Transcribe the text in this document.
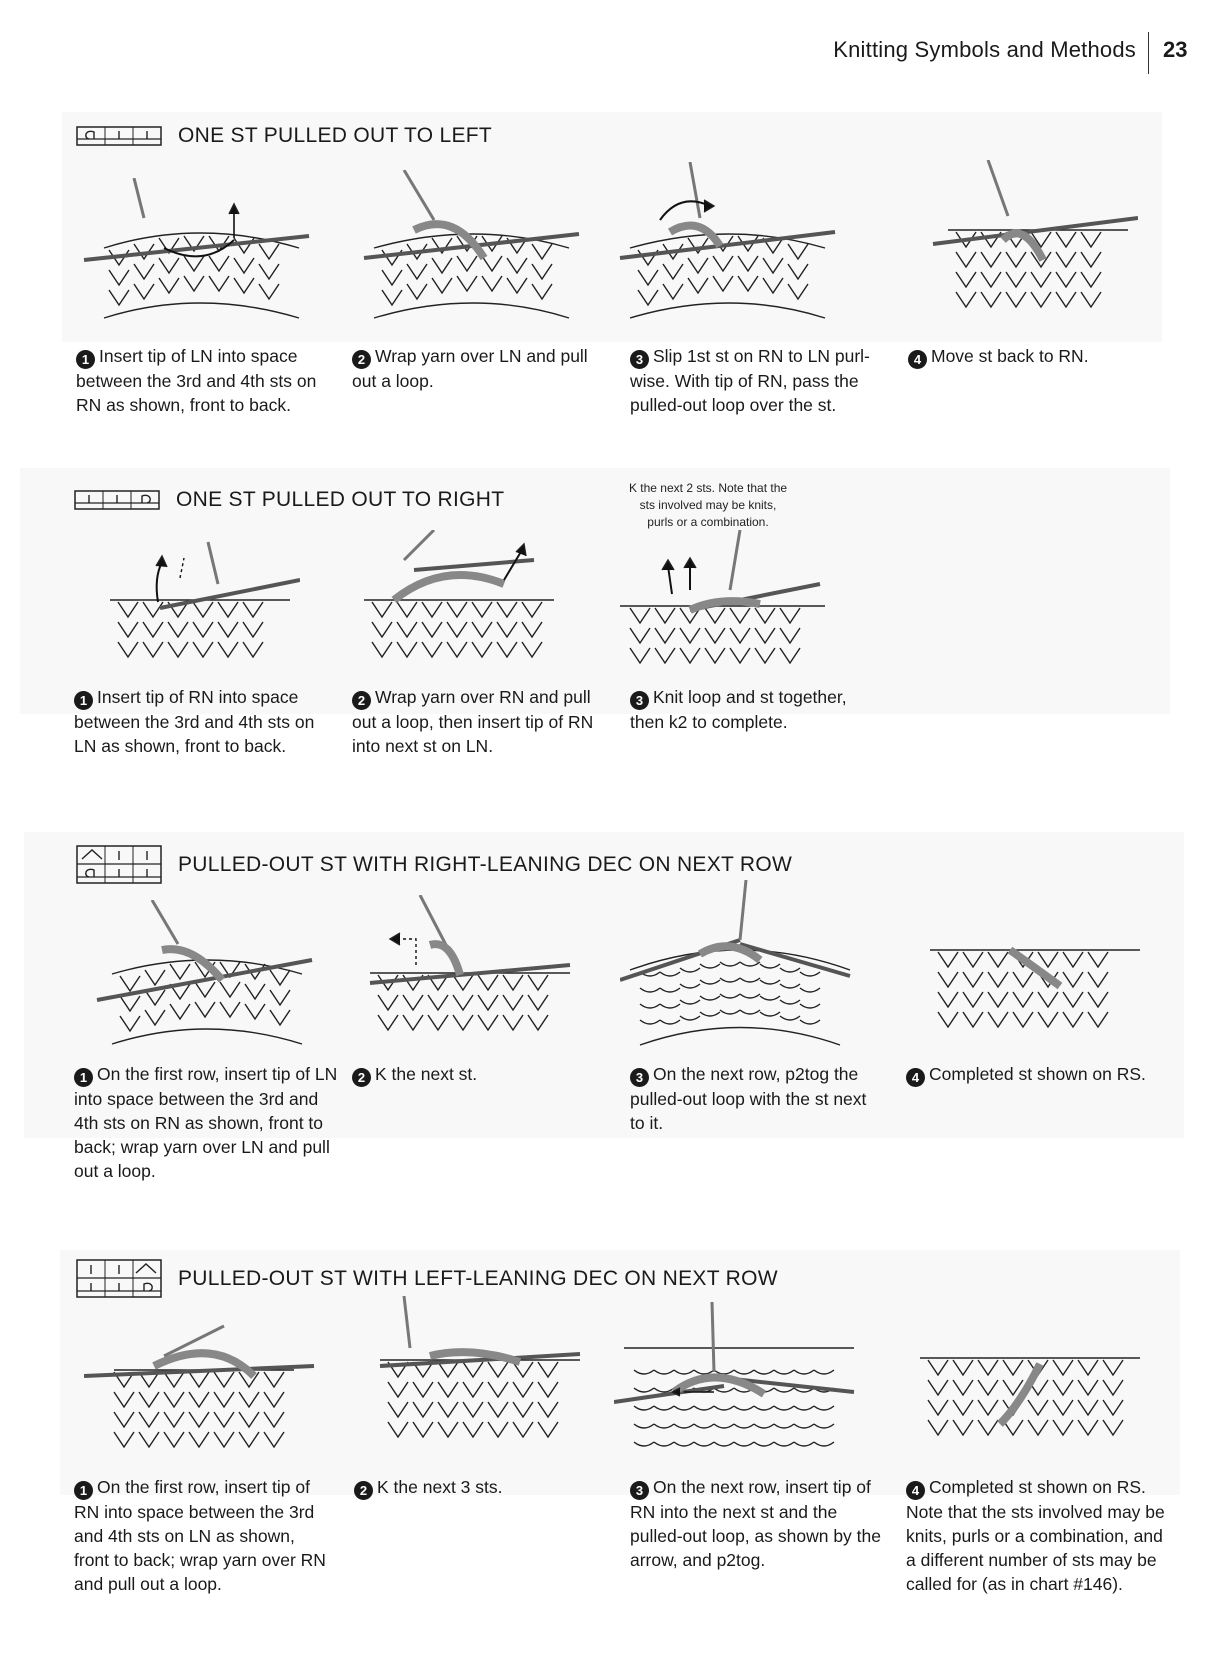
Knitting Symbols and Methods	23
ONE ST PULLED OUT TO LEFT
1 Insert tip of LN into space between the 3rd and 4th sts on RN as shown, front to back.
2 Wrap yarn over LN and pull out a loop.
3 Slip 1st st on RN to LN purl-wise. With tip of RN, pass the pulled-out loop over the st.
4 Move st back to RN.
ONE ST PULLED OUT TO RIGHT	K the next 2 sts. Note that the sts involved may be knits, purls or a combination.
1 Insert tip of RN into space between the 3rd and 4th sts on LN as shown, front to back.
2 Wrap yarn over RN and pull out a loop, then insert tip of RN into next st on LN.
3 Knit loop and st together, then k2 to complete.
PULLED-OUT ST WITH RIGHT-LEANING DEC ON NEXT ROW
1 On the first row, insert tip of LN into space between the 3rd and 4th sts on RN as shown, front to back; wrap yarn over LN and pull out a loop.
2 K the next st.	3 On the next row, p2tog the pulled-out loop with the st next to it.
4 Completed st shown on RS.
PULLED-OUT ST WITH LEFT-LEANING DEC ON NEXT ROW
1 On the first row, insert tip of RN into space between the 3rd and 4th sts on LN as shown, front to back; wrap yarn over RN and pull out a loop.
2 K the next 3 sts.	3 On the next row, insert tip of RN into the next st and the pulled-out loop, as shown by the arrow, and p2tog.
4 Completed st shown on RS. Note that the sts involved may be knits, purls or a combination, and a different number of sts may be called for (as in chart #146).
